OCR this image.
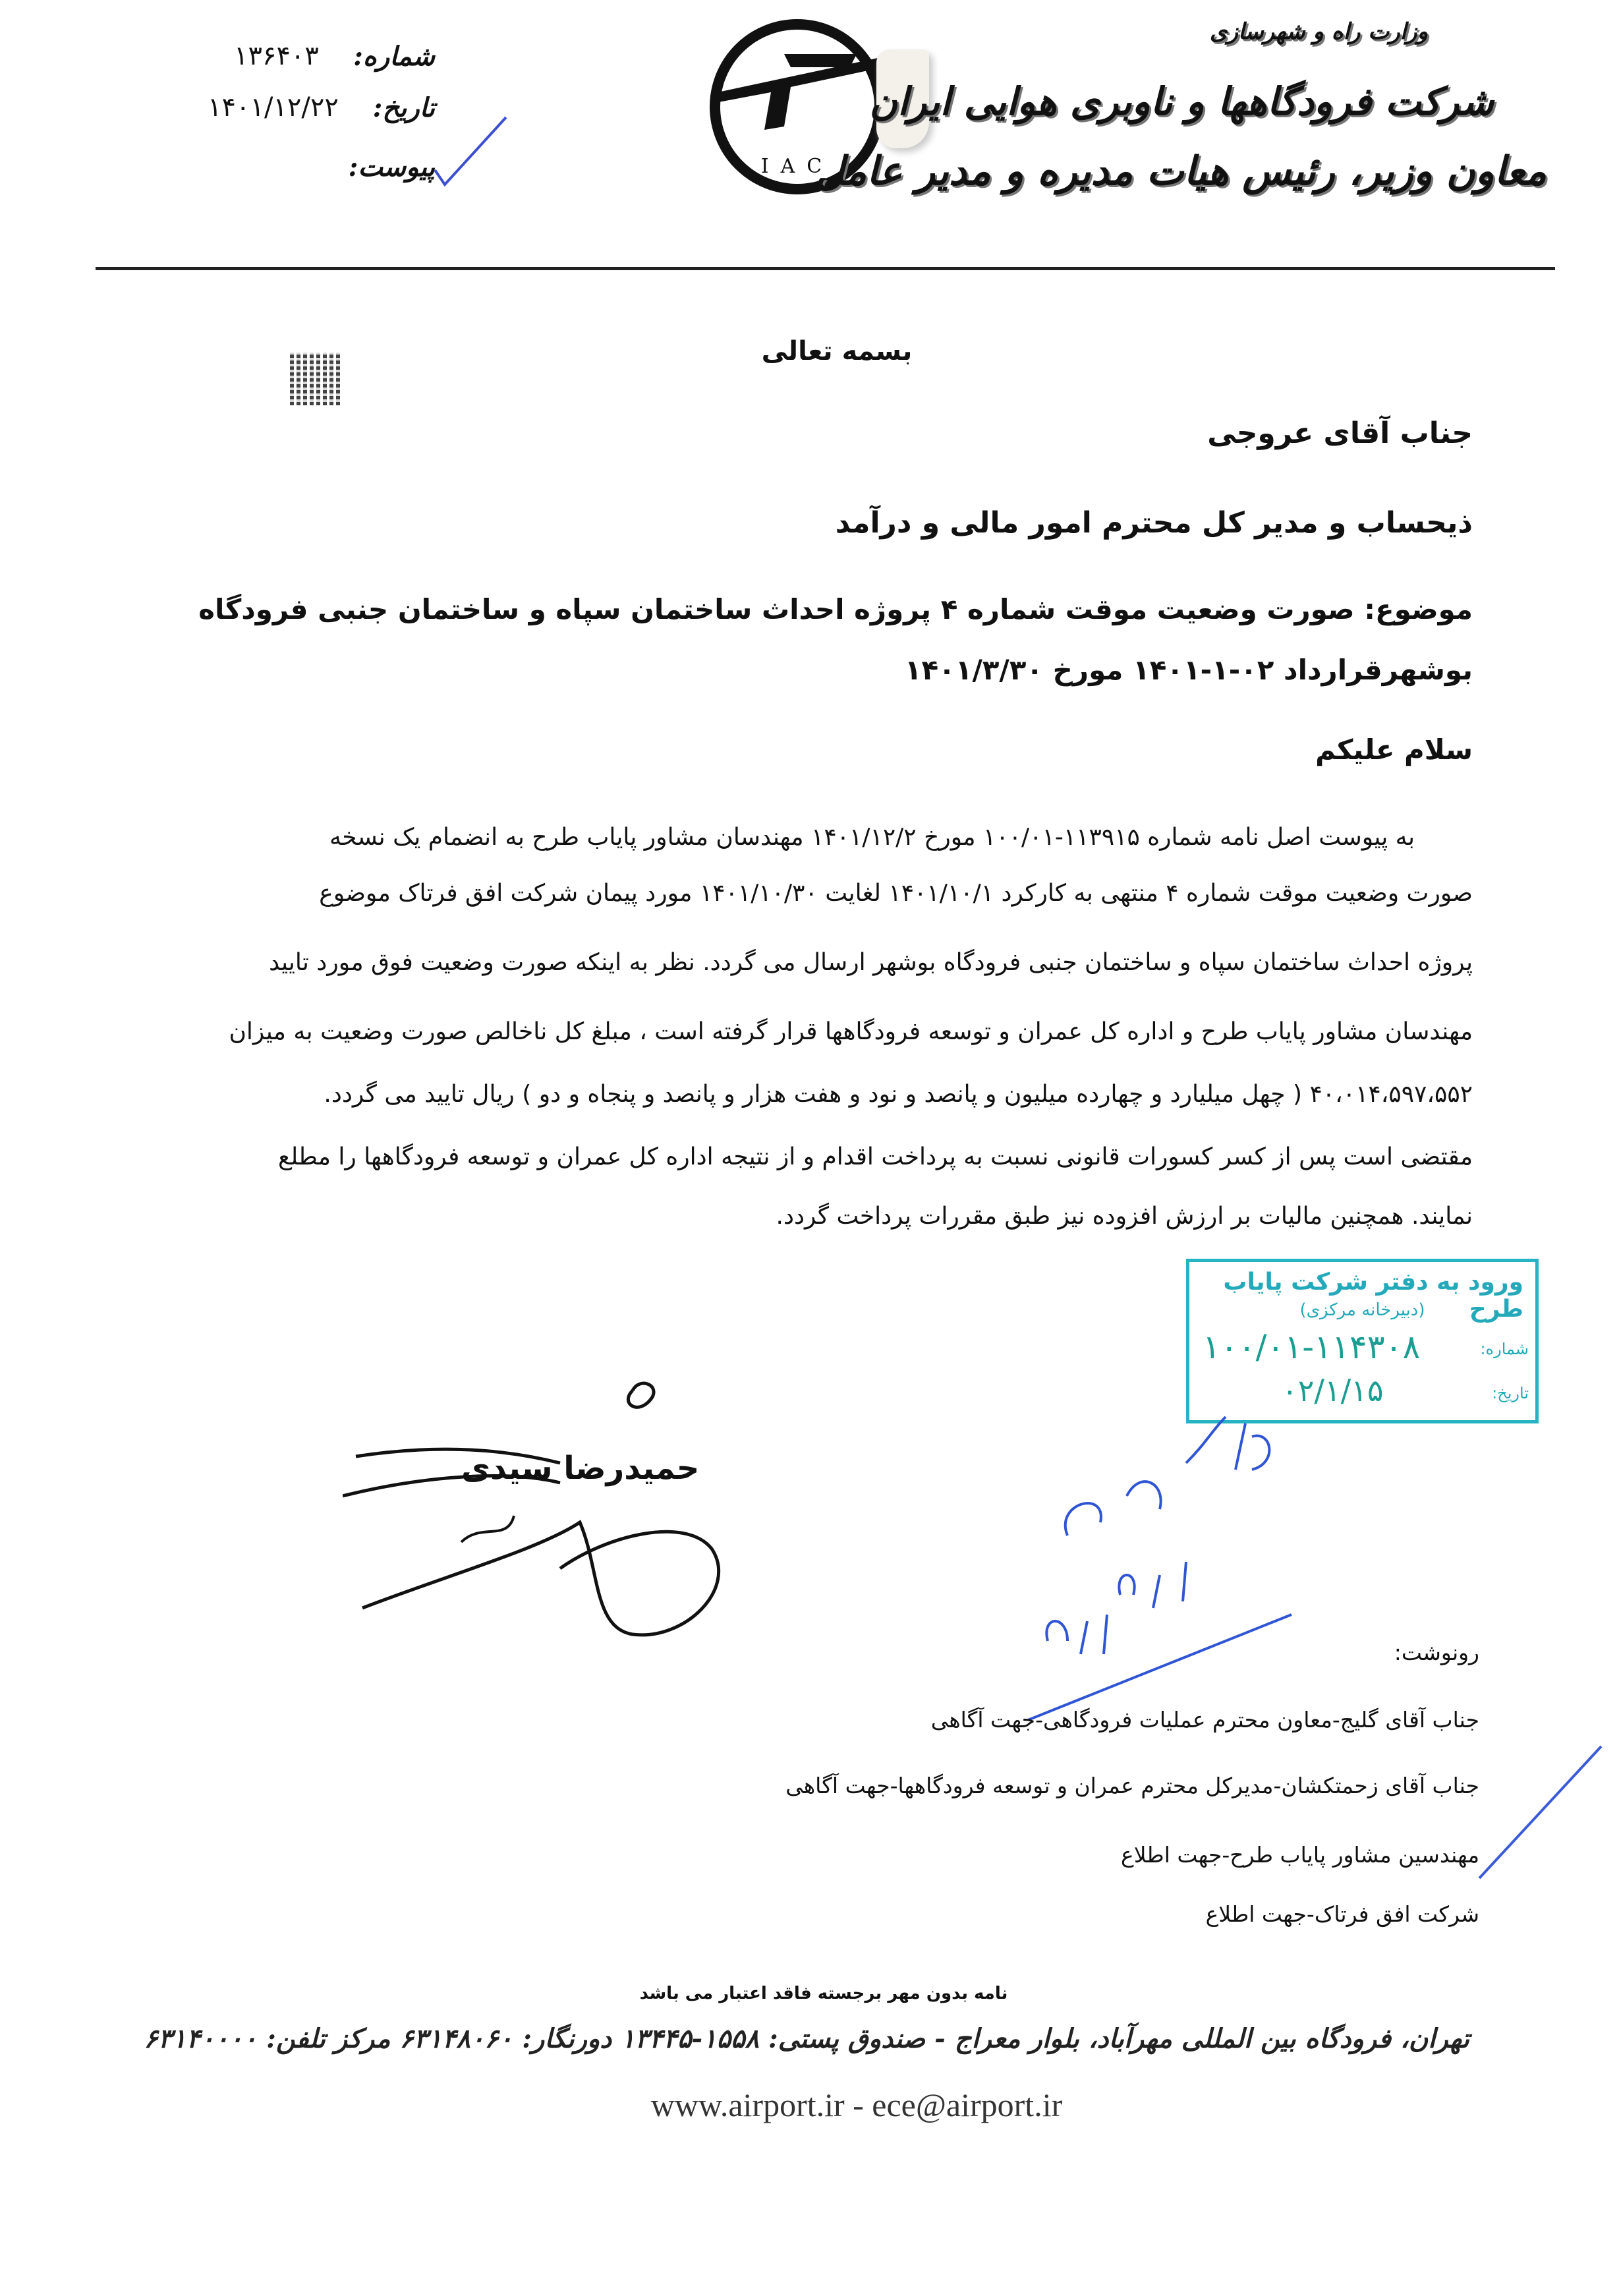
شماره:
۱۳۶۴۰۳
تاریخ:
۱۴۰۱/۱۲/۲۲
پیوست:	IAC
وزارت راه و شهرسازی
شرکت فرودگاهها و ناوبری هوایی ایران
معاون وزیر، رئیس هیات مدیره و مدیر عامل
بسمه تعالی
جناب آقای عروجی
ذیحساب و مدیر کل محترم امور مالی و درآمد
موضوع: صورت وضعیت موقت شماره ۴ پروژه احداث ساختمان سپاه و ساختمان جنبی فرودگاه
بوشهرقرارداد ۰۲-۱-۱۴۰۱ مورخ ۱۴۰۱/۳/۳۰
سلام علیکم
به پیوست اصل نامه شماره ۱۱۳۹۱۵-۱۰۰/۰۱ مورخ ۱۴۰۱/۱۲/۲ مهندسان مشاور پایاب طرح به انضمام یک نسخه
صورت وضعیت موقت شماره ۴ منتهی به کارکرد ۱۴۰۱/۱۰/۱ لغایت ۱۴۰۱/۱۰/۳۰ مورد پیمان شرکت افق فرتاک موضوع
پروژه احداث ساختمان سپاه و ساختمان جنبی فرودگاه بوشهر ارسال می گردد. نظر به اینکه صورت وضعیت فوق مورد تایید
مهندسان مشاور پایاب طرح و اداره کل عمران و توسعه فرودگاهها قرار گرفته است ، مبلغ کل ناخالص صورت وضعیت به میزان
۴۰،۰۱۴،۵۹۷،۵۵۲ ( چهل میلیارد و چهارده میلیون و پانصد و نود و هفت هزار و پانصد و پنجاه و دو ) ریال تایید می گردد.
مقتضی است پس از کسر کسورات قانونی نسبت به پرداخت اقدام و از نتیجه اداره کل عمران و توسعه فرودگاهها را مطلع
نمایند. همچنین مالیات بر ارزش افزوده نیز طبق مقررات پرداخت گردد.
ورود به دفتر شرکت پایاب طرح
(دبیرخانه مرکزی)
شماره:
۱۰۰/۰۱-۱۱۴۳۰۸
تاریخ:
۰۲/۱/۱۵
حمیدرضا سیدی
رونوشت:
جناب آقای گلیج-معاون محترم عملیات فرودگاهی-جهت آگاهی
جناب آقای زحمتکشان-مدیرکل محترم عمران و توسعه فرودگاهها-جهت آگاهی
مهندسین مشاور پایاب طرح-جهت اطلاع
شرکت افق فرتاک-جهت اطلاع
نامه بدون مهر برجسته فاقد اعتبار می باشد
تهران، فرودگاه بین المللی مهرآباد، بلوار معراج - صندوق پستی: ۱۵۵۸-۱۳۴۴۵ دورنگار: ۶۳۱۴۸۰۶۰ مرکز تلفن: ۶۳۱۴۰۰۰۰
www.airport.ir - ece@airport.ir
